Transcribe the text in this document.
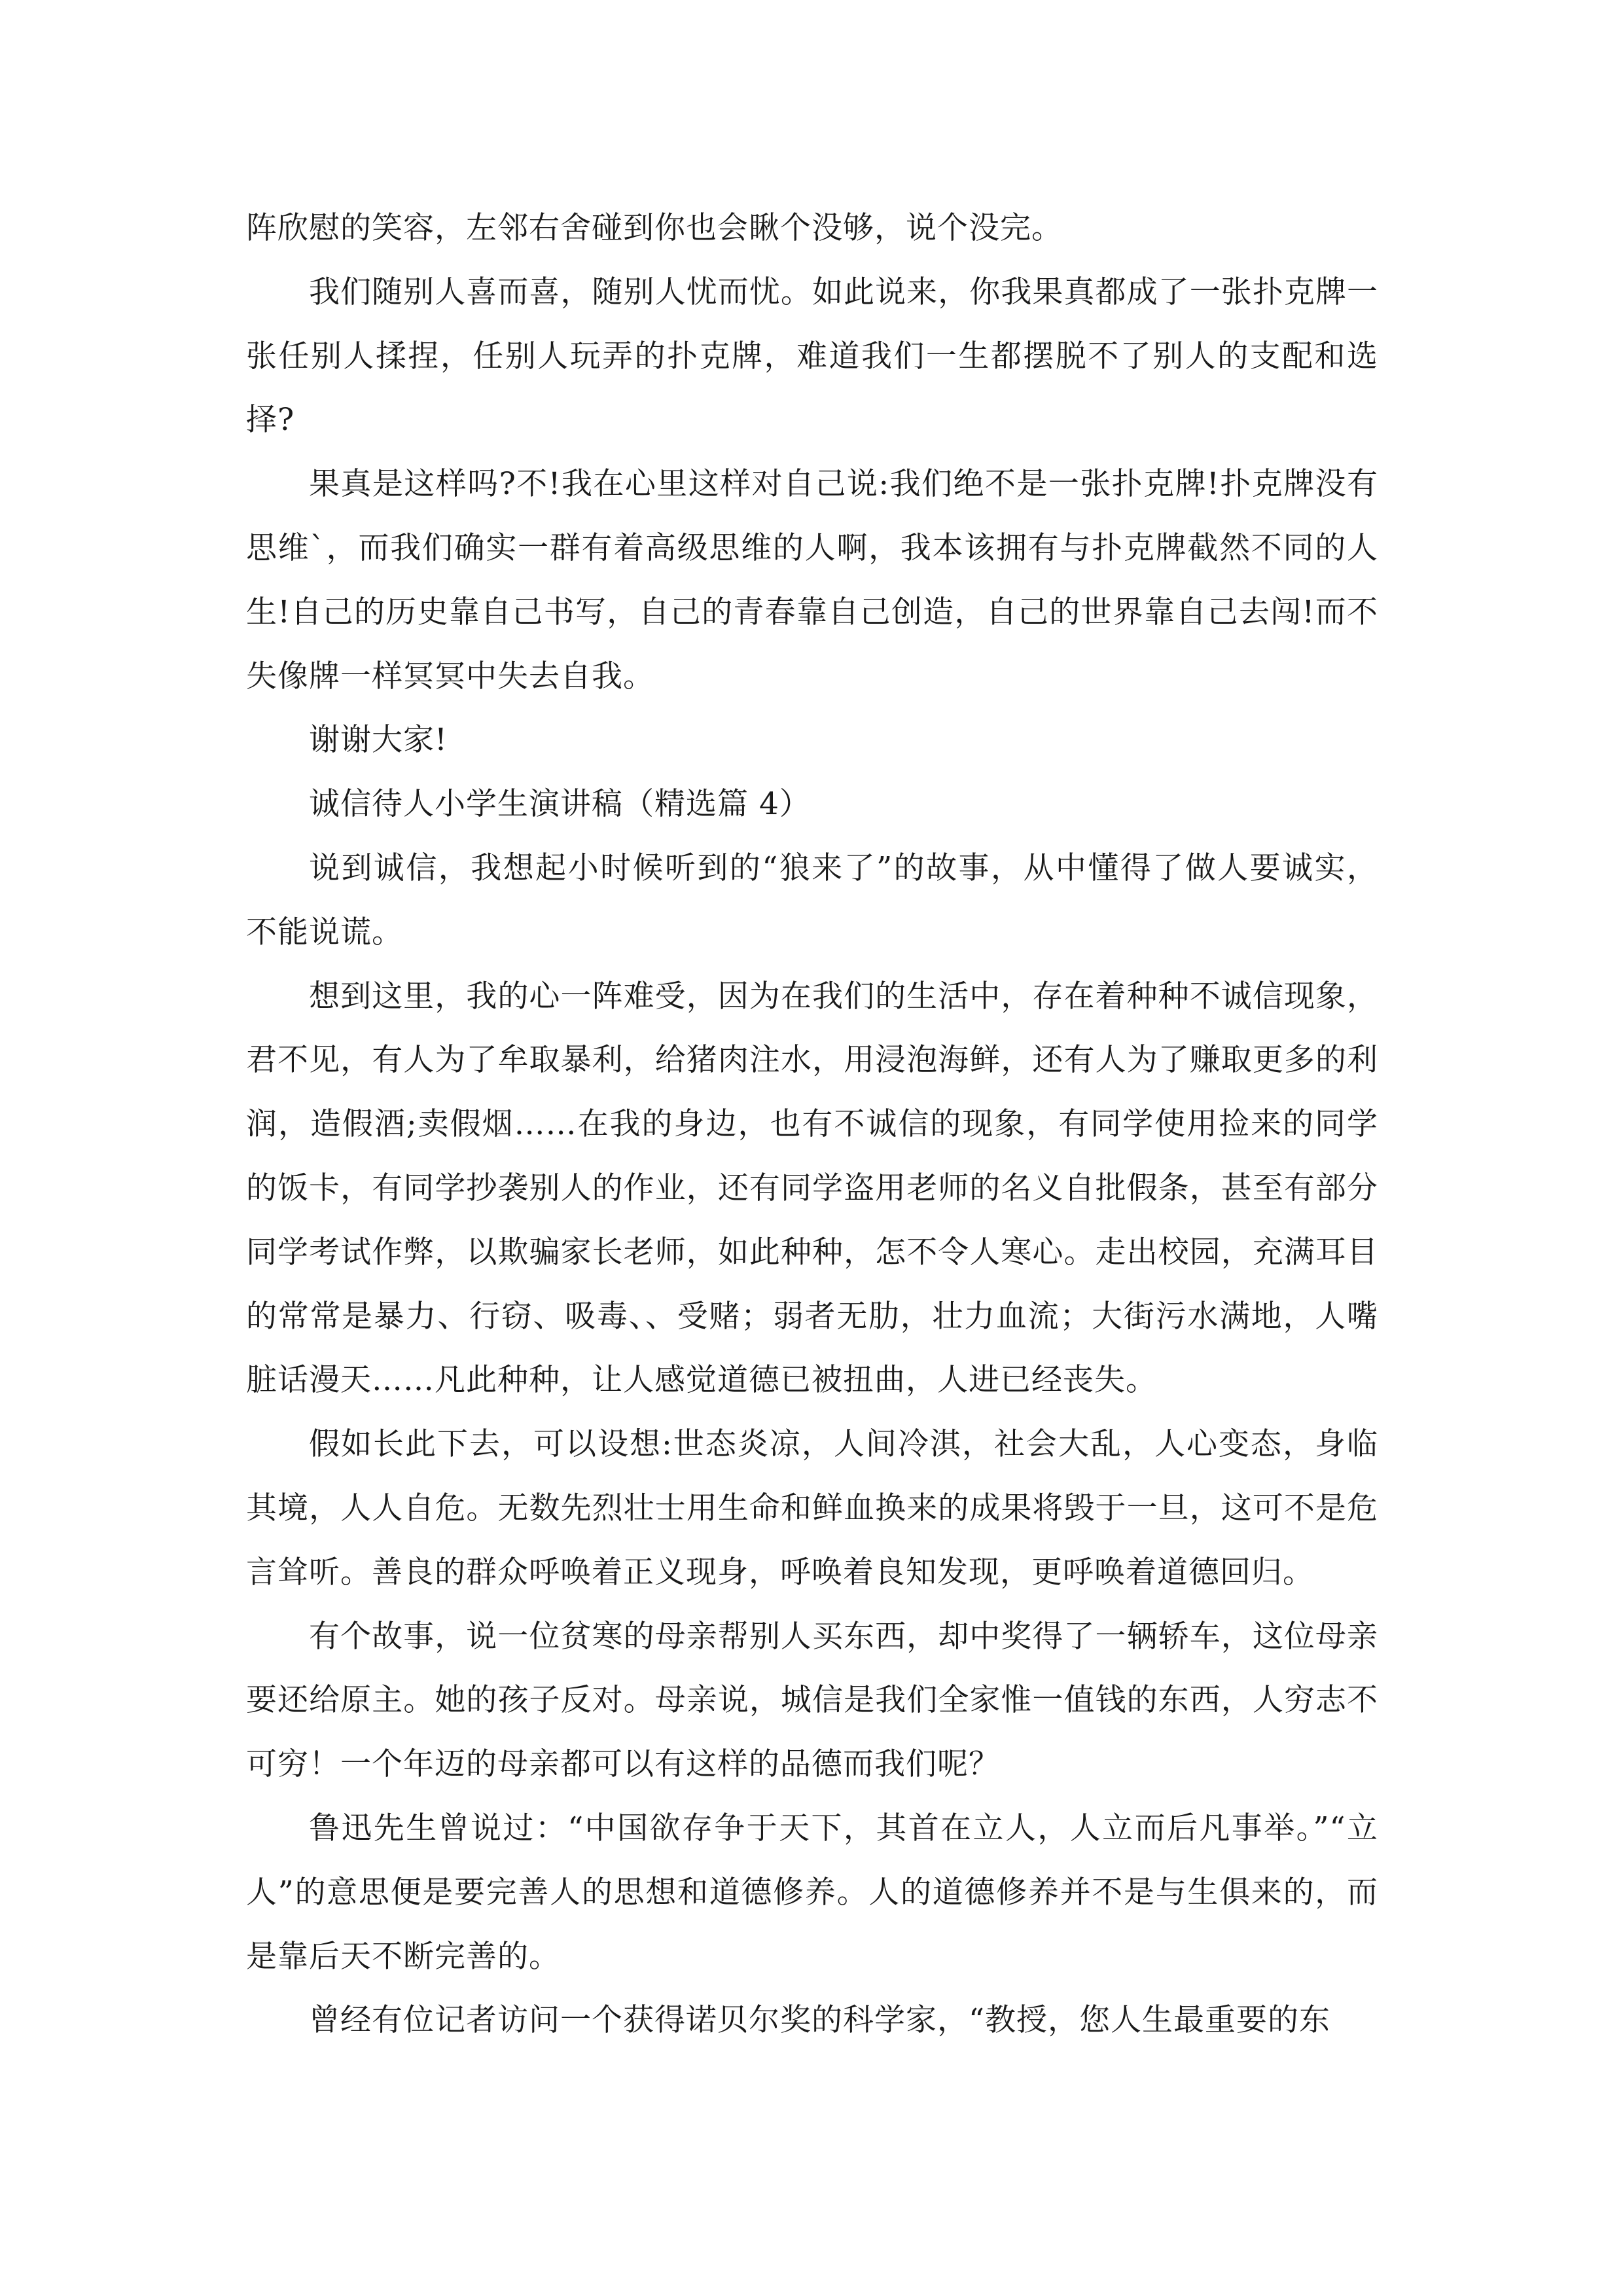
阵欣慰的笑容，左邻右舍碰到你也会瞅个没够，说个没完。

我们随别人喜而喜，随别人忧而忧。如此说来，你我果真都成了一张扑克牌一张任别人揉捏，任别人玩弄的扑克牌，难道我们一生都摆脱不了别人的支配和选择?

果真是这样吗?不!我在心里这样对自己说:我们绝不是一张扑克牌!扑克牌没有思维`，而我们确实一群有着高级思维的人啊，我本该拥有与扑克牌截然不同的人生!自己的历史靠自己书写，自己的青春靠自己创造，自己的世界靠自己去闯!而不失像牌一样冥冥中失去自我。

谢谢大家!

诚信待人小学生演讲稿（精选篇 4）

说到诚信，我想起小时候听到的“狼来了”的故事，从中懂得了做人要诚实，不能说谎。

想到这里，我的心一阵难受，因为在我们的生活中，存在着种种不诚信现象，君不见，有人为了牟取暴利，给猪肉注水，用浸泡海鲜，还有人为了赚取更多的利润，造假酒;卖假烟……在我的身边，也有不诚信的现象，有同学使用捡来的同学的饭卡，有同学抄袭别人的作业，还有同学盗用老师的名义自批假条，甚至有部分同学考试作弊，以欺骗家长老师，如此种种，怎不令人寒心。走出校园，充满耳目的常常是暴力、行窃、吸毒、、受赌；弱者无肋，壮力血流；大街污水满地，人嘴脏话漫天……凡此种种，让人感觉道德已被扭曲，人进已经丧失。

假如长此下去，可以设想:世态炎凉，人间冷淇，社会大乱，人心变态，身临其境，人人自危。无数先烈壮士用生命和鲜血换来的成果将毁于一旦，这可不是危言耸听。善良的群众呼唤着正义现身，呼唤着良知发现，更呼唤着道德回归。

有个故事，说一位贫寒的母亲帮别人买东西，却中奖得了一辆轿车，这位母亲要还给原主。她的孩子反对。母亲说，城信是我们全家惟一值钱的东西，人穷志不可穷！一个年迈的母亲都可以有这样的品德而我们呢？

鲁迅先生曾说过：“中国欲存争于天下，其首在立人，人立而后凡事举。”“立人”的意思便是要完善人的思想和道德修养。人的道德修养并不是与生俱来的，而是靠后天不断完善的。

曾经有位记者访问一个获得诺贝尔奖的科学家，“教授，您人生最重要的东
